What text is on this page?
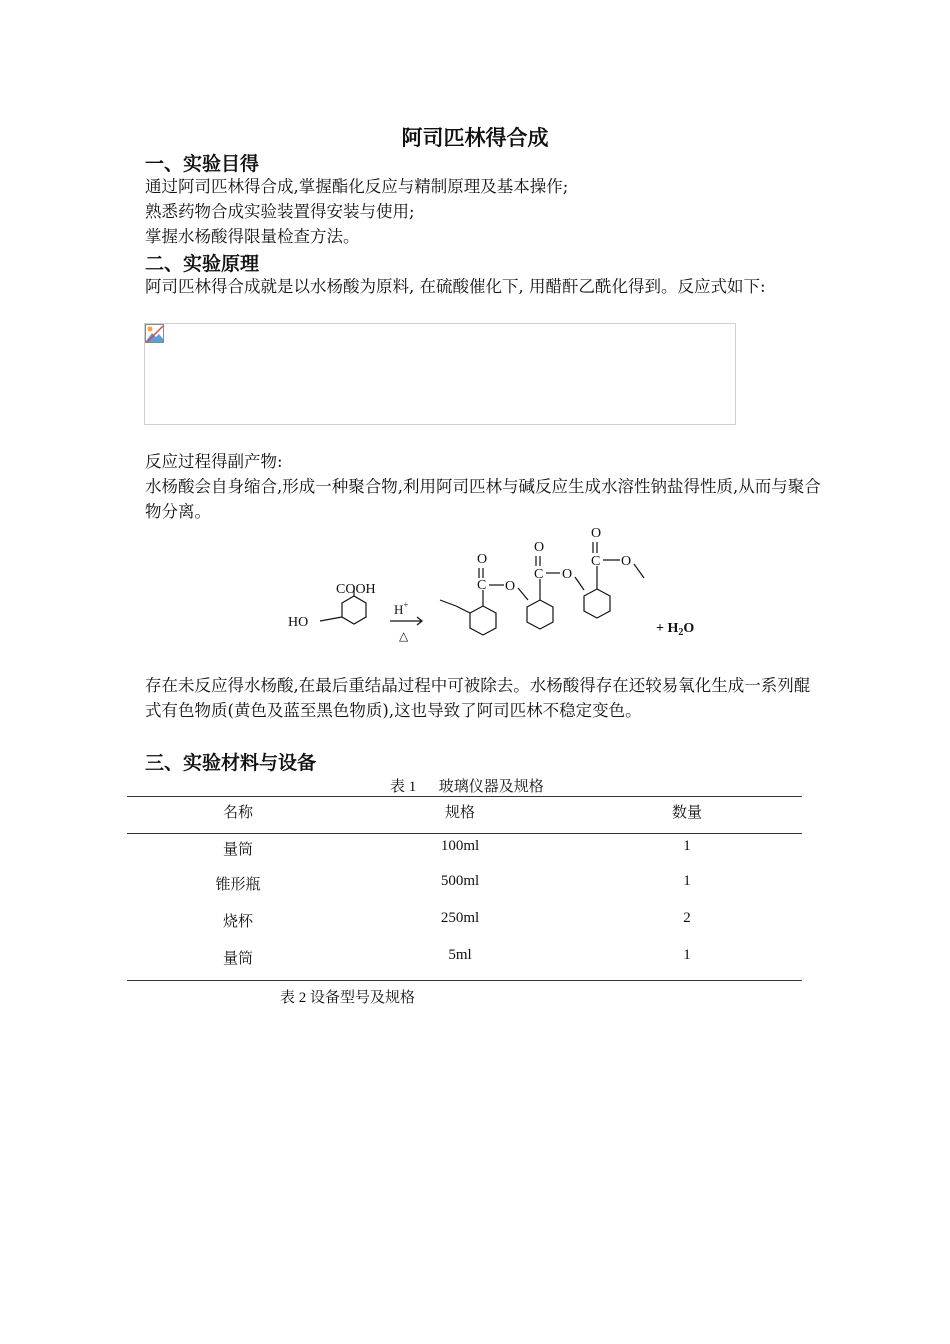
阿司匹林得合成
一、实验目得
通过阿司匹林得合成,掌握酯化反应与精制原理及基本操作;
熟悉药物合成实验装置得安装与使用;
掌握水杨酸得限量检查方法。
二、实验原理
阿司匹林得合成就是以水杨酸为原料, 在硫酸催化下, 用醋酐乙酰化得到。反应式如下:
反应过程得副产物:
水杨酸会自身缩合,形成一种聚合物,利用阿司匹林与碱反应生成水溶性钠盐得性质,从而与聚合物分离。
COOH
HO
H+
△
O
C O
O
C O
O
C O
+ $H_2O$
存在未反应得水杨酸,在最后重结晶过程中可被除去。水杨酸得存在还较易氧化生成一系列醌式有色物质(黄色及蓝至黑色物质),这也导致了阿司匹林不稳定变色。
三、实验材料与设备
表 1      玻璃仪器及规格
名称	规格	数量
量筒	100ml	1
锥形瓶	500ml	1
烧杯	250ml	2
量筒	5ml	1
表 2 设备型号及规格
